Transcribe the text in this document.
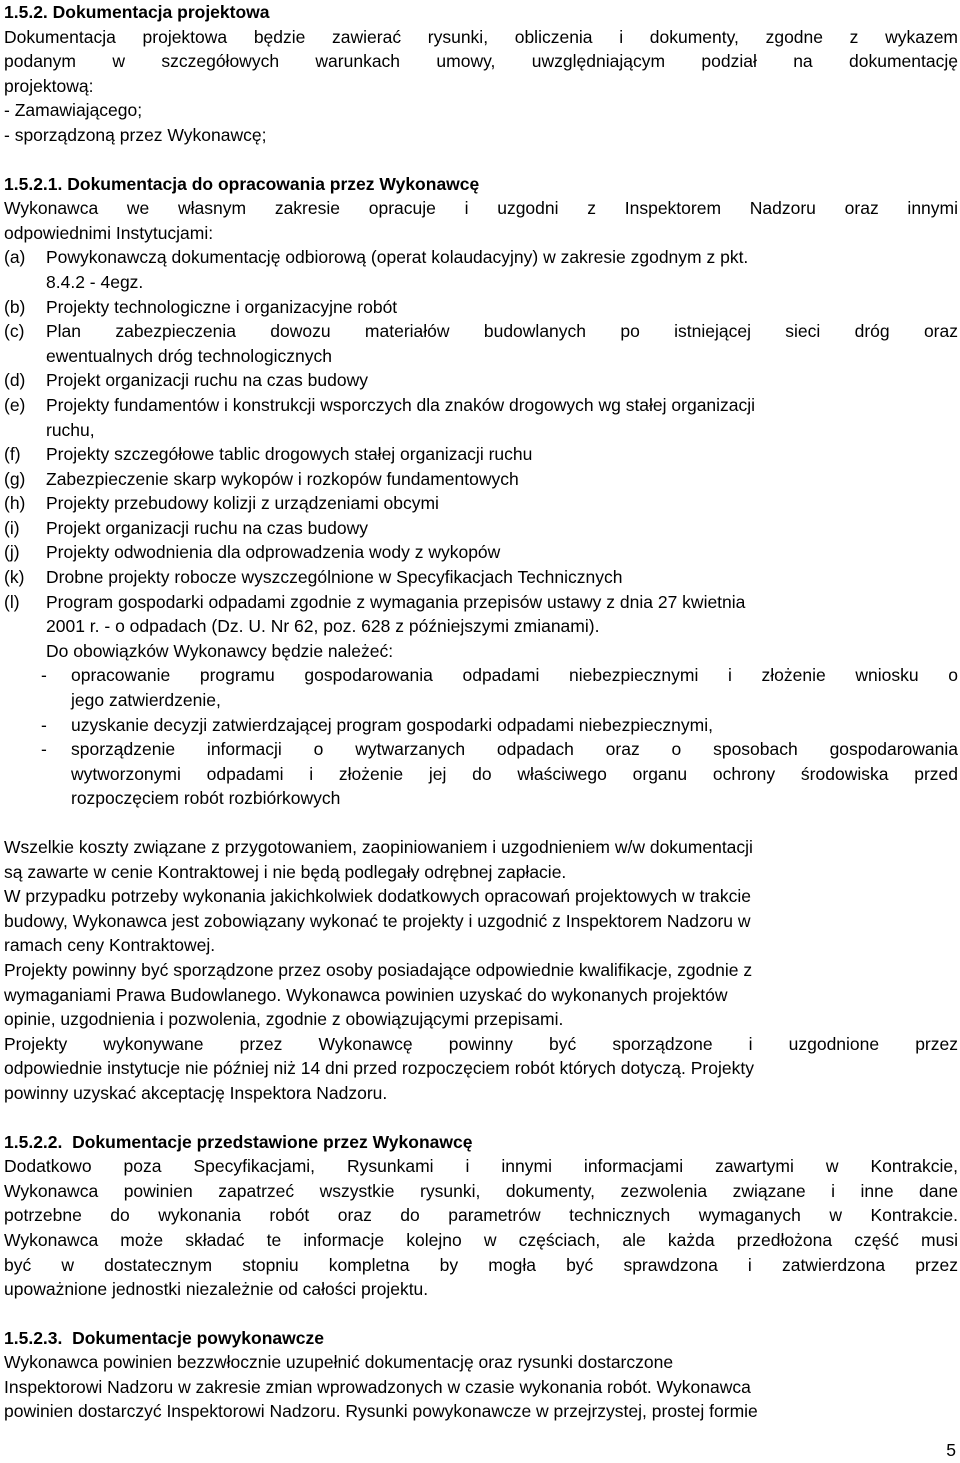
1.5.2. Dokumentacja projektowa

Dokumentacja projektowa będzie zawierać rysunki, obliczenia i dokumenty, zgodne z wykazem

podanym w szczegółowych warunkach umowy, uwzględniającym podział na dokumentację

projektową:

- Zamawiającego;

- sporządzoną przez Wykonawcę;

1.5.2.1. Dokumentacja do opracowania przez Wykonawcę

Wykonawca we własnym zakresie opracuje i uzgodni z Inspektorem Nadzoru oraz innymi

odpowiednimi Instytucjami:

(a)	Powykonawczą dokumentację odbiorową (operat kolaudacyjny) w zakresie zgodnym z pkt.
8.4.2 - 4egz.
(b)	Projekty technologiczne i organizacyjne robót
(c)	Plan zabezpieczenia dowozu materiałów budowlanych po istniejącej sieci dróg oraz
ewentualnych dróg technologicznych
(d)	Projekt organizacji ruchu na czas budowy
(e)	Projekty fundamentów i konstrukcji wsporczych dla znaków drogowych wg stałej organizacji
ruchu,
(f)	Projekty szczegółowe tablic drogowych stałej organizacji ruchu
(g)	Zabezpieczenie skarp wykopów i rozkopów fundamentowych
(h)	Projekty przebudowy kolizji z urządzeniami obcymi
(i)	Projekt organizacji ruchu na czas budowy
(j)	Projekty odwodnienia dla odprowadzenia wody z wykopów
(k)	Drobne projekty robocze wyszczególnione w Specyfikacjach Technicznych
(l)	Program gospodarki odpadami zgodnie z wymagania przepisów ustawy z dnia 27 kwietnia
2001 r. - o odpadach (Dz. U. Nr 62, poz. 628 z późniejszymi zmianami).

Do obowiązków Wykonawcy będzie należeć:

-	opracowanie programu gospodarowania odpadami niebezpiecznymi i złożenie wniosku o
jego zatwierdzenie,
-	uzyskanie decyzji zatwierdzającej program gospodarki odpadami niebezpiecznymi,
-	sporządzenie informacji o wytwarzanych odpadach oraz o sposobach gospodarowania
wytworzonymi odpadami i złożenie jej do właściwego organu ochrony środowiska przed
rozpoczęciem robót rozbiórkowych

Wszelkie koszty związane z przygotowaniem, zaopiniowaniem i uzgodnieniem w/w dokumentacji

są zawarte w cenie Kontraktowej i nie będą podlegały odrębnej zapłacie.

W przypadku potrzeby wykonania jakichkolwiek dodatkowych opracowań projektowych w trakcie

budowy, Wykonawca jest zobowiązany wykonać te projekty i uzgodnić z Inspektorem Nadzoru w

ramach ceny Kontraktowej.

Projekty powinny być sporządzone przez osoby posiadające odpowiednie kwalifikacje, zgodnie z

wymaganiami Prawa Budowlanego. Wykonawca powinien uzyskać do wykonanych projektów

opinie, uzgodnienia i pozwolenia, zgodnie z obowiązującymi przepisami.

Projekty wykonywane przez Wykonawcę powinny być sporządzone i uzgodnione przez

odpowiednie instytucje nie później niż 14 dni przed rozpoczęciem robót których dotyczą. Projekty

powinny uzyskać akceptację Inspektora Nadzoru.

1.5.2.2.  Dokumentacje przedstawione przez Wykonawcę

Dodatkowo poza Specyfikacjami, Rysunkami i innymi informacjami zawartymi w Kontrakcie,

Wykonawca powinien zapatrzeć wszystkie rysunki, dokumenty, zezwolenia związane i inne dane

potrzebne do wykonania robót oraz do parametrów technicznych wymaganych w Kontrakcie.

Wykonawca może składać te informacje kolejno w częściach, ale każda przedłożona część musi

być w dostatecznym stopniu kompletna by mogła być sprawdzona i zatwierdzona przez

upoważnione jednostki niezależnie od całości projektu.

1.5.2.3.  Dokumentacje powykonawcze

Wykonawca powinien bezzwłocznie uzupełnić dokumentację oraz rysunki dostarczone

Inspektorowi Nadzoru w zakresie zmian wprowadzonych w czasie wykonania robót. Wykonawca

powinien dostarczyć Inspektorowi Nadzoru. Rysunki powykonawcze w przejrzystej, prostej formie

5
